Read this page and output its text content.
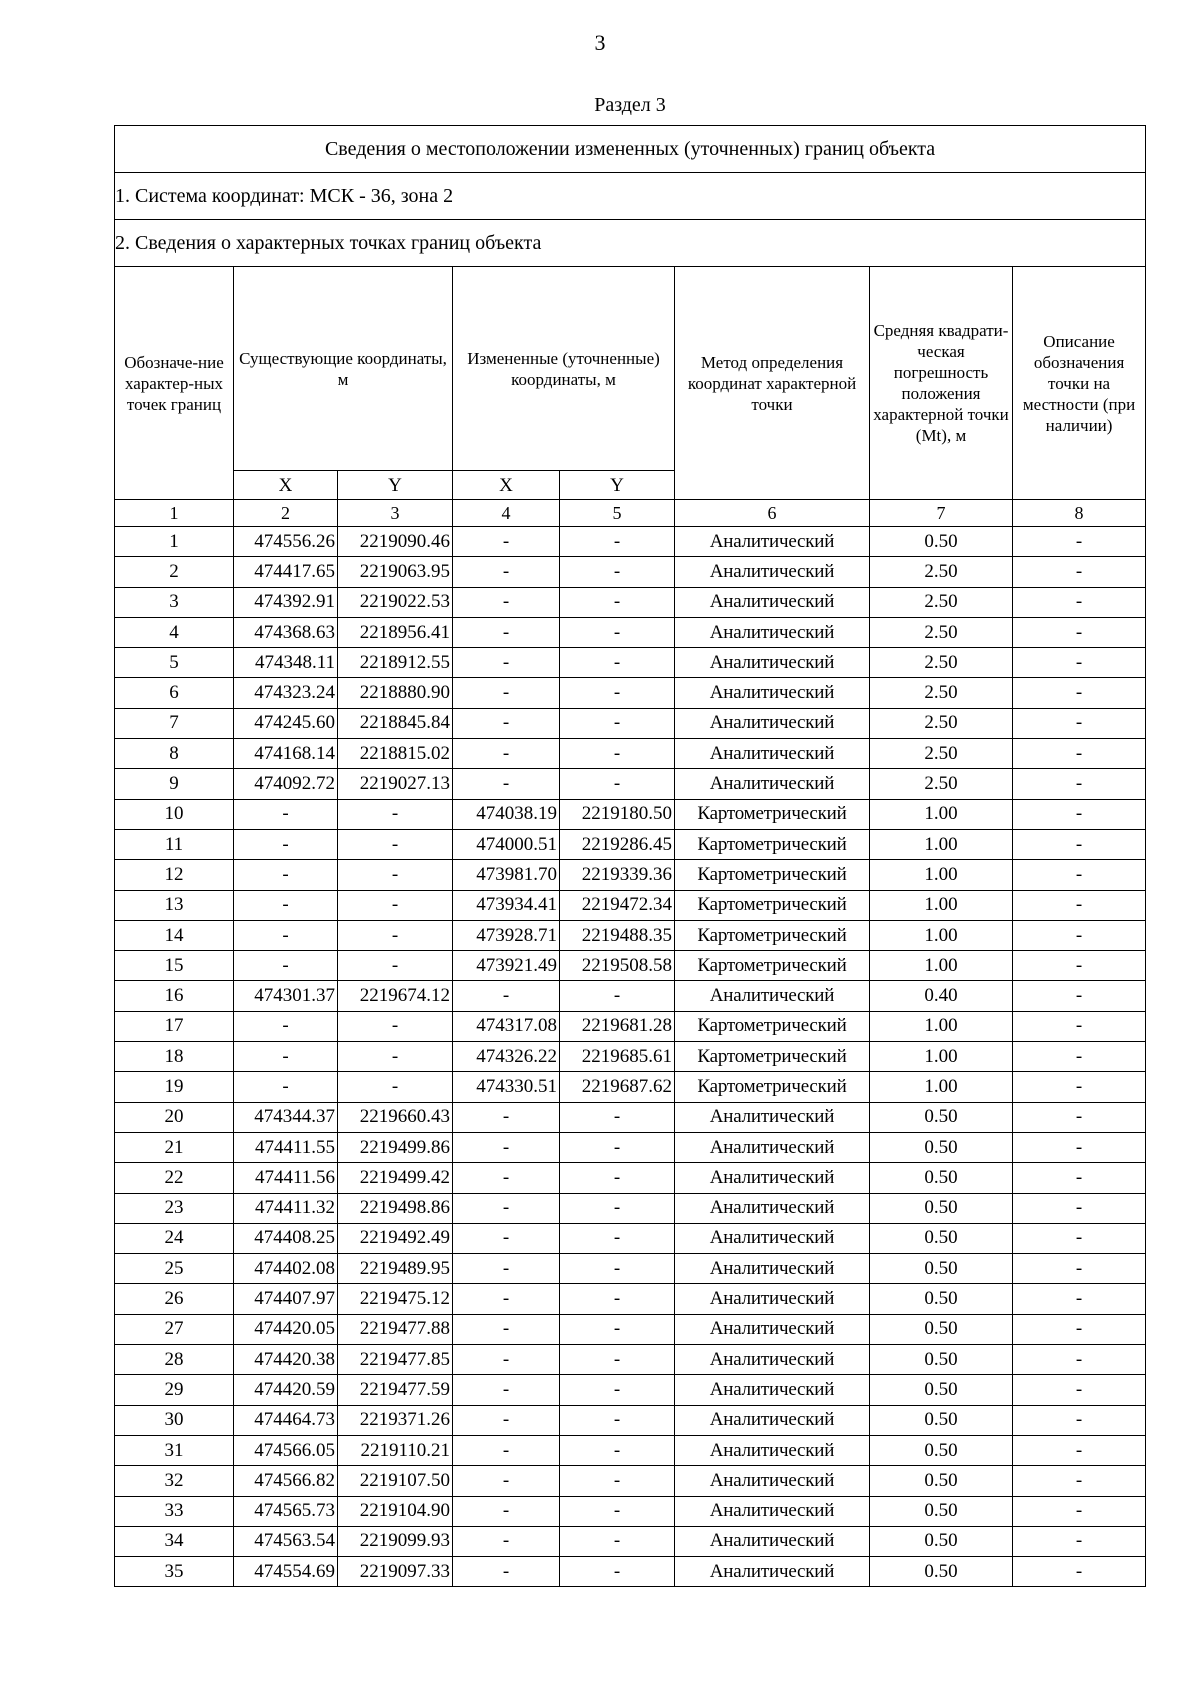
3
Раздел 3
Сведения о местоположении измененных (уточненных) границ объекта							
1. Система координат: МСК - 36, зона 2							
2. Сведения о характерных точках границ объекта							
Обозначе-ние характер-ных точек границ	Существующие координаты, м		Измененные (уточненные) координаты, м		Метод определения координат характерной точки	Средняя квадрати-ческая погрешность положения характерной точки (Mt), м	Описание обозначения точки на местности (при наличии)
	X	Y	X	Y			
1	2	3	4	5	6	7	8
1	474556.26	2219090.46	-	-	Аналитический	0.50	-
2	474417.65	2219063.95	-	-	Аналитический	2.50	-
3	474392.91	2219022.53	-	-	Аналитический	2.50	-
4	474368.63	2218956.41	-	-	Аналитический	2.50	-
5	474348.11	2218912.55	-	-	Аналитический	2.50	-
6	474323.24	2218880.90	-	-	Аналитический	2.50	-
7	474245.60	2218845.84	-	-	Аналитический	2.50	-
8	474168.14	2218815.02	-	-	Аналитический	2.50	-
9	474092.72	2219027.13	-	-	Аналитический	2.50	-
10	-	-	474038.19	2219180.50	Картометрический	1.00	-
11	-	-	474000.51	2219286.45	Картометрический	1.00	-
12	-	-	473981.70	2219339.36	Картометрический	1.00	-
13	-	-	473934.41	2219472.34	Картометрический	1.00	-
14	-	-	473928.71	2219488.35	Картометрический	1.00	-
15	-	-	473921.49	2219508.58	Картометрический	1.00	-
16	474301.37	2219674.12	-	-	Аналитический	0.40	-
17	-	-	474317.08	2219681.28	Картометрический	1.00	-
18	-	-	474326.22	2219685.61	Картометрический	1.00	-
19	-	-	474330.51	2219687.62	Картометрический	1.00	-
20	474344.37	2219660.43	-	-	Аналитический	0.50	-
21	474411.55	2219499.86	-	-	Аналитический	0.50	-
22	474411.56	2219499.42	-	-	Аналитический	0.50	-
23	474411.32	2219498.86	-	-	Аналитический	0.50	-
24	474408.25	2219492.49	-	-	Аналитический	0.50	-
25	474402.08	2219489.95	-	-	Аналитический	0.50	-
26	474407.97	2219475.12	-	-	Аналитический	0.50	-
27	474420.05	2219477.88	-	-	Аналитический	0.50	-
28	474420.38	2219477.85	-	-	Аналитический	0.50	-
29	474420.59	2219477.59	-	-	Аналитический	0.50	-
30	474464.73	2219371.26	-	-	Аналитический	0.50	-
31	474566.05	2219110.21	-	-	Аналитический	0.50	-
32	474566.82	2219107.50	-	-	Аналитический	0.50	-
33	474565.73	2219104.90	-	-	Аналитический	0.50	-
34	474563.54	2219099.93	-	-	Аналитический	0.50	-
35	474554.69	2219097.33	-	-	Аналитический	0.50	-
